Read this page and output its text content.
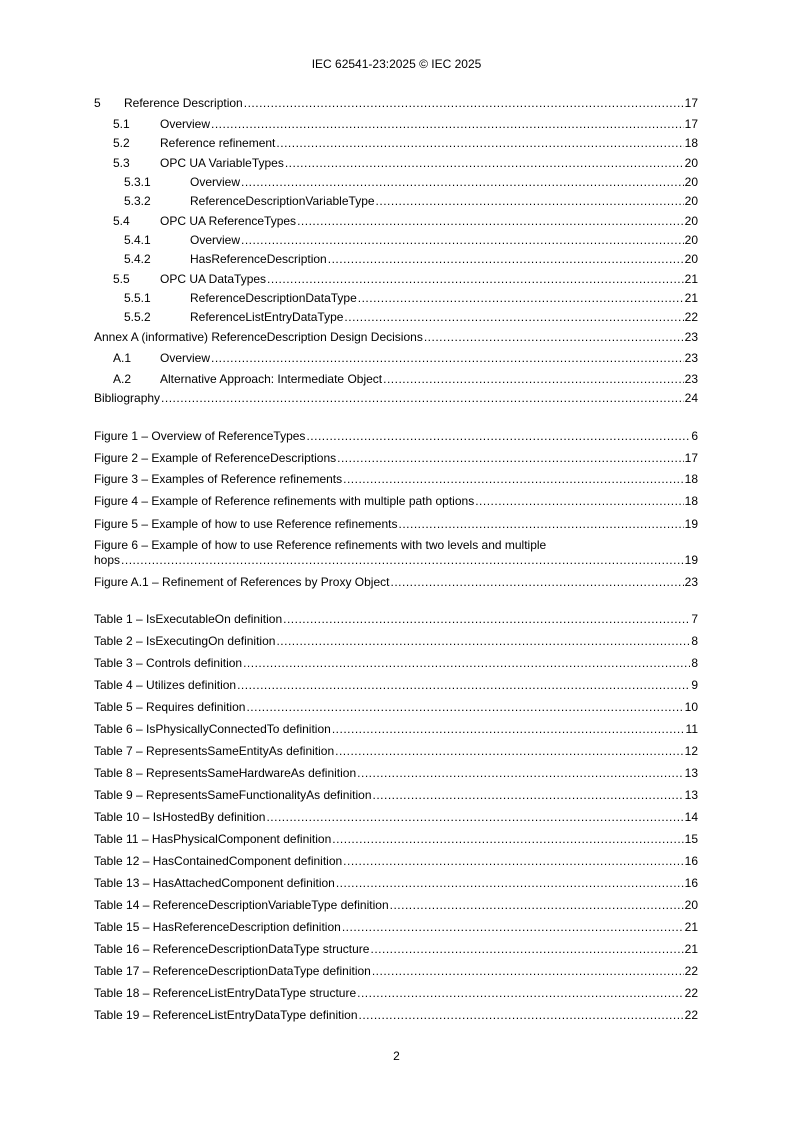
IEC 62541-23:2025 © IEC 2025
5	Reference Description .....	17
5.1	Overview .....	17
5.2	Reference refinement .....	18
5.3	OPC UA VariableTypes .....	20
5.3.1	Overview .....	20
5.3.2	ReferenceDescriptionVariableType .....	20
5.4	OPC UA ReferenceTypes .....	20
5.4.1	Overview .....	20
5.4.2	HasReferenceDescription .....	20
5.5	OPC UA DataTypes .....	21
5.5.1	ReferenceDescriptionDataType .....	21
5.5.2	ReferenceListEntryDataType .....	22
Annex A (informative) ReferenceDescription Design Decisions .....	23
A.1	Overview .....	23
A.2	Alternative Approach: Intermediate Object .....	23
Bibliography .....	24
Figure 1 – Overview of ReferenceTypes .....	6
Figure 2 – Example of ReferenceDescriptions .....	17
Figure 3 – Examples of Reference refinements .....	18
Figure 4 – Example of Reference refinements with multiple path options .....	18
Figure 5 – Example of how to use Reference refinements .....	19
Figure 6 – Example of how to use Reference refinements with two levels and multiple
hops .....	19
Figure A.1 – Refinement of References by Proxy Object .....	23
Table 1 – IsExecutableOn definition .....	7
Table 2 – IsExecutingOn definition .....	8
Table 3 – Controls definition .....	8
Table 4 – Utilizes definition .....	9
Table 5 – Requires definition .....	10
Table 6 – IsPhysicallyConnectedTo definition .....	11
Table 7 – RepresentsSameEntityAs definition .....	12
Table 8 – RepresentsSameHardwareAs definition .....	13
Table 9 – RepresentsSameFunctionalityAs definition .....	13
Table 10 – IsHostedBy definition .....	14
Table 11 – HasPhysicalComponent definition .....	15
Table 12 – HasContainedComponent definition .....	16
Table 13 – HasAttachedComponent definition .....	16
Table 14 – ReferenceDescriptionVariableType definition .....	20
Table 15 – HasReferenceDescription definition .....	21
Table 16 – ReferenceDescriptionDataType structure .....	21
Table 17 – ReferenceDescriptionDataType definition .....	22
Table 18 – ReferenceListEntryDataType structure .....	22
Table 19 – ReferenceListEntryDataType definition .....	22
2
